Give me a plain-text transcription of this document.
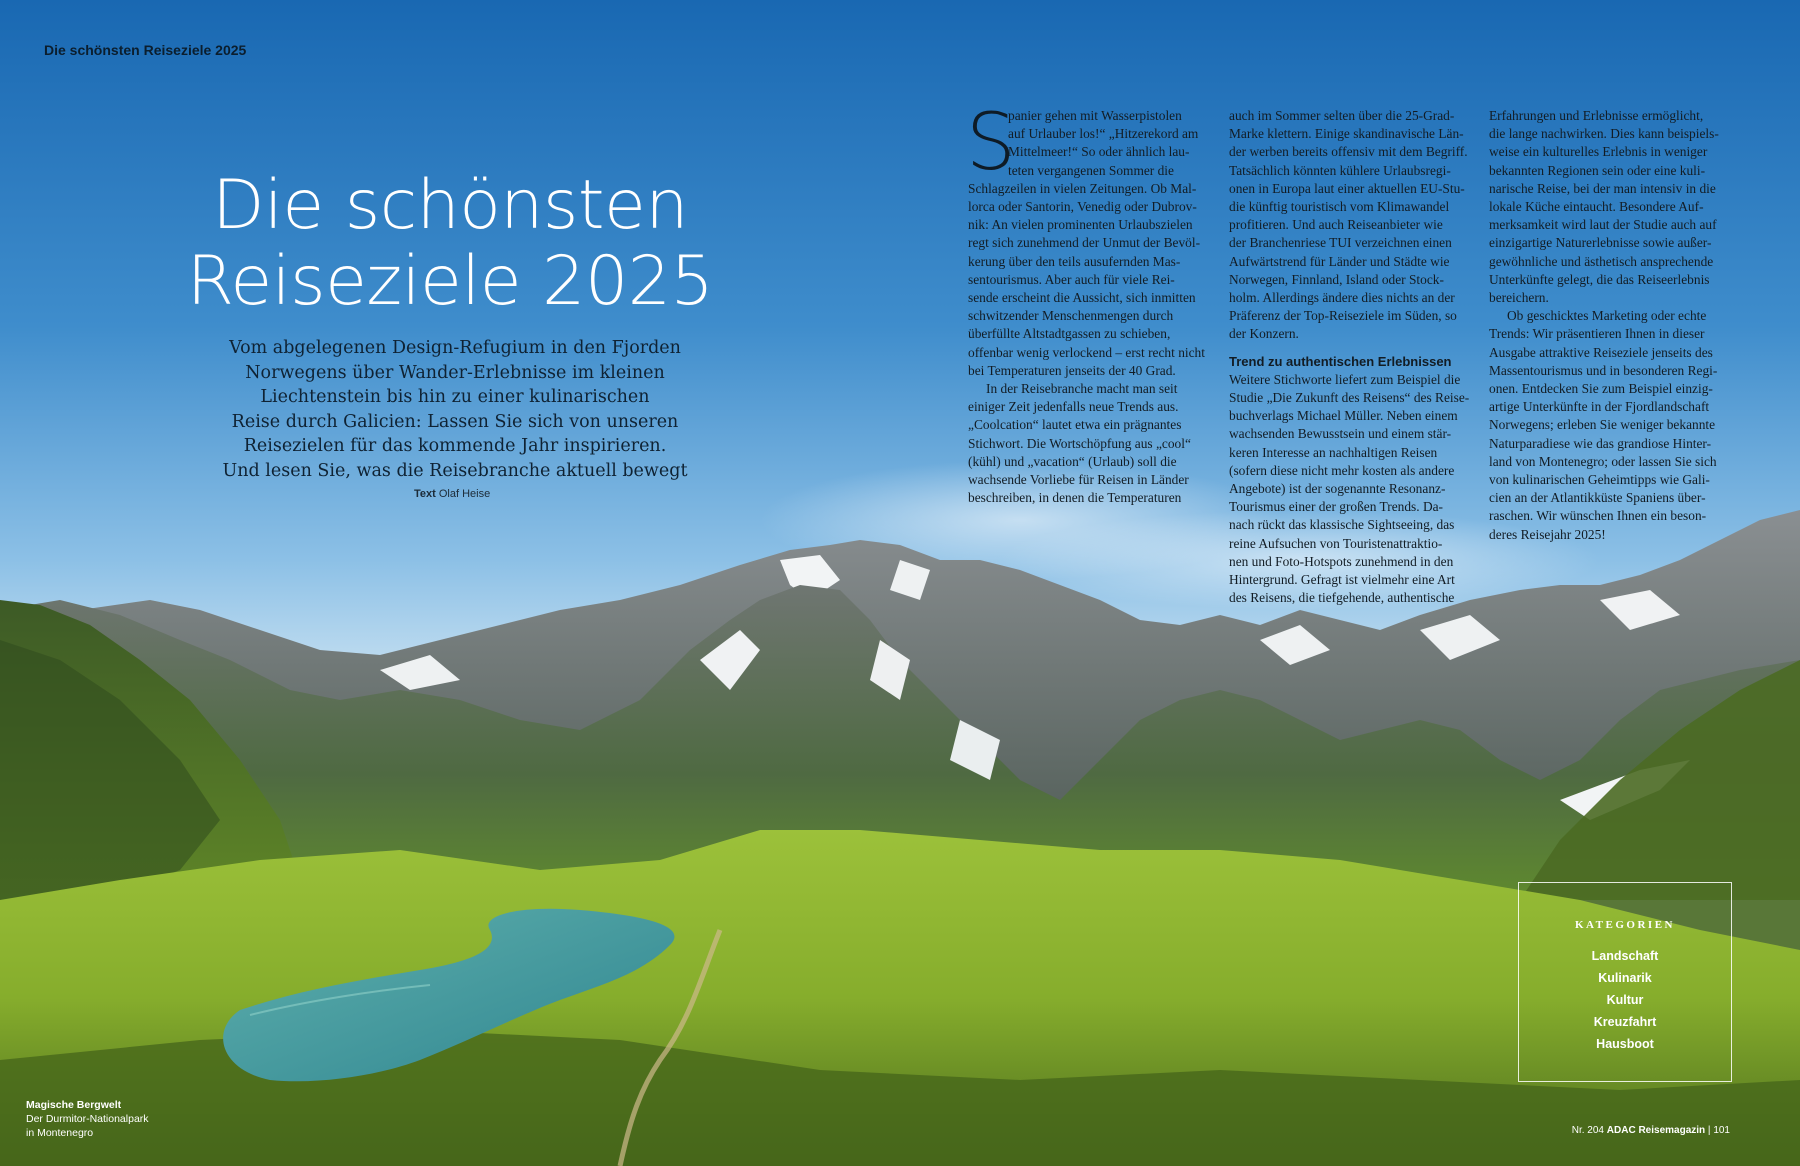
Die schönsten Reiseziele 2025
Die schönsten
Reiseziele 2025
Vom abgelegenen Design-Refugium in den Fjorden
Norwegens über Wander-Erlebnisse im kleinen
Liechtenstein bis hin zu einer kulinarischen
Reise durch Galicien: Lassen Sie sich von unseren
Reisezielen für das kommende Jahr inspirieren.
Und lesen Sie, was die Reisebranche aktuell bewegt
Text Olaf Heise
S
panier gehen mit Wasserpistolen
auf Urlauber los!“ „Hitzerekord am
Mittelmeer!“ So oder ähnlich lau-
teten vergangenen Sommer die
Schlagzeilen in vielen Zeitungen. Ob Mal-
lorca oder Santorin, Venedig oder Dubrov-
nik: An vielen prominenten Urlaubszielen
regt sich zunehmend der Unmut der Bevöl-
kerung über den teils ausufernden Mas-
sentourismus. Aber auch für viele Rei-
sende erscheint die Aussicht, sich inmitten
schwitzender Menschenmengen durch
überfüllte Altstadtgassen zu schieben,
offenbar wenig verlockend – erst recht nicht
bei Temperaturen jenseits der 40 Grad.
In der Reisebranche macht man seit
einiger Zeit jedenfalls neue Trends aus.
„Coolcation“ lautet etwa ein prägnantes
Stichwort. Die Wortschöpfung aus „cool“
(kühl) und „vacation“ (Urlaub) soll die
wachsende Vorliebe für Reisen in Länder
beschreiben, in denen die Temperaturen
auch im Sommer selten über die 25-Grad-
Marke klettern. Einige skandinavische Län-
der werben bereits offensiv mit dem Begriff.
Tatsächlich könnten kühlere Urlaubsregi-
onen in Europa laut einer aktuellen EU-Stu-
die künftig touristisch vom Klimawandel
profitieren. Und auch Reiseanbieter wie
der Branchenriese TUI verzeichnen einen
Aufwärtstrend für Länder und Städte wie
Norwegen, Finnland, Island oder Stock-
holm. Allerdings ändere dies nichts an der
Präferenz der Top-Reiseziele im Süden, so
der Konzern.
Trend zu authentischen Erlebnissen
Weitere Stichworte liefert zum Beispiel die
Studie „Die Zukunft des Reisens“ des Reise-
buchverlags Michael Müller. Neben einem
wachsenden Bewusstsein und einem stär-
keren Interesse an nachhaltigen Reisen
(sofern diese nicht mehr kosten als andere
Angebote) ist der sogenannte Resonanz-
Tourismus einer der großen Trends. Da-
nach rückt das klassische Sightseeing, das
reine Aufsuchen von Touristenattraktio-
nen und Foto-Hotspots zunehmend in den
Hintergrund. Gefragt ist vielmehr eine Art
des Reisens, die tiefgehende, authentische
Erfahrungen und Erlebnisse ermöglicht,
die lange nachwirken. Dies kann beispiels-
weise ein kulturelles Erlebnis in weniger
bekannten Regionen sein oder eine kuli-
narische Reise, bei der man intensiv in die
lokale Küche eintaucht. Besondere Auf-
merksamkeit wird laut der Studie auch auf
einzigartige Naturerlebnisse sowie außer-
gewöhnliche und ästhetisch ansprechende
Unterkünfte gelegt, die das Reiseerlebnis
bereichern.
Ob geschicktes Marketing oder echte
Trends: Wir präsentieren Ihnen in dieser
Ausgabe attraktive Reiseziele jenseits des
Massentourismus und in besonderen Regi-
onen. Entdecken Sie zum Beispiel einzig-
artige Unterkünfte in der Fjordlandschaft
Norwegens; erleben Sie weniger bekannte
Naturparadiese wie das grandiose Hinter-
land von Montenegro; oder lassen Sie sich
von kulinarischen Geheimtipps wie Gali-
cien an der Atlantikküste Spaniens über-
raschen. Wir wünschen Ihnen ein beson-
deres Reisejahr 2025!
KATEGORIEN
Landschaft
Kulinarik
Kultur
Kreuzfahrt
Hausboot
Magische Bergwelt
Der Durmitor-Nationalpark
in Montenegro	Nr. 204 ADAC Reisemagazin | 101
